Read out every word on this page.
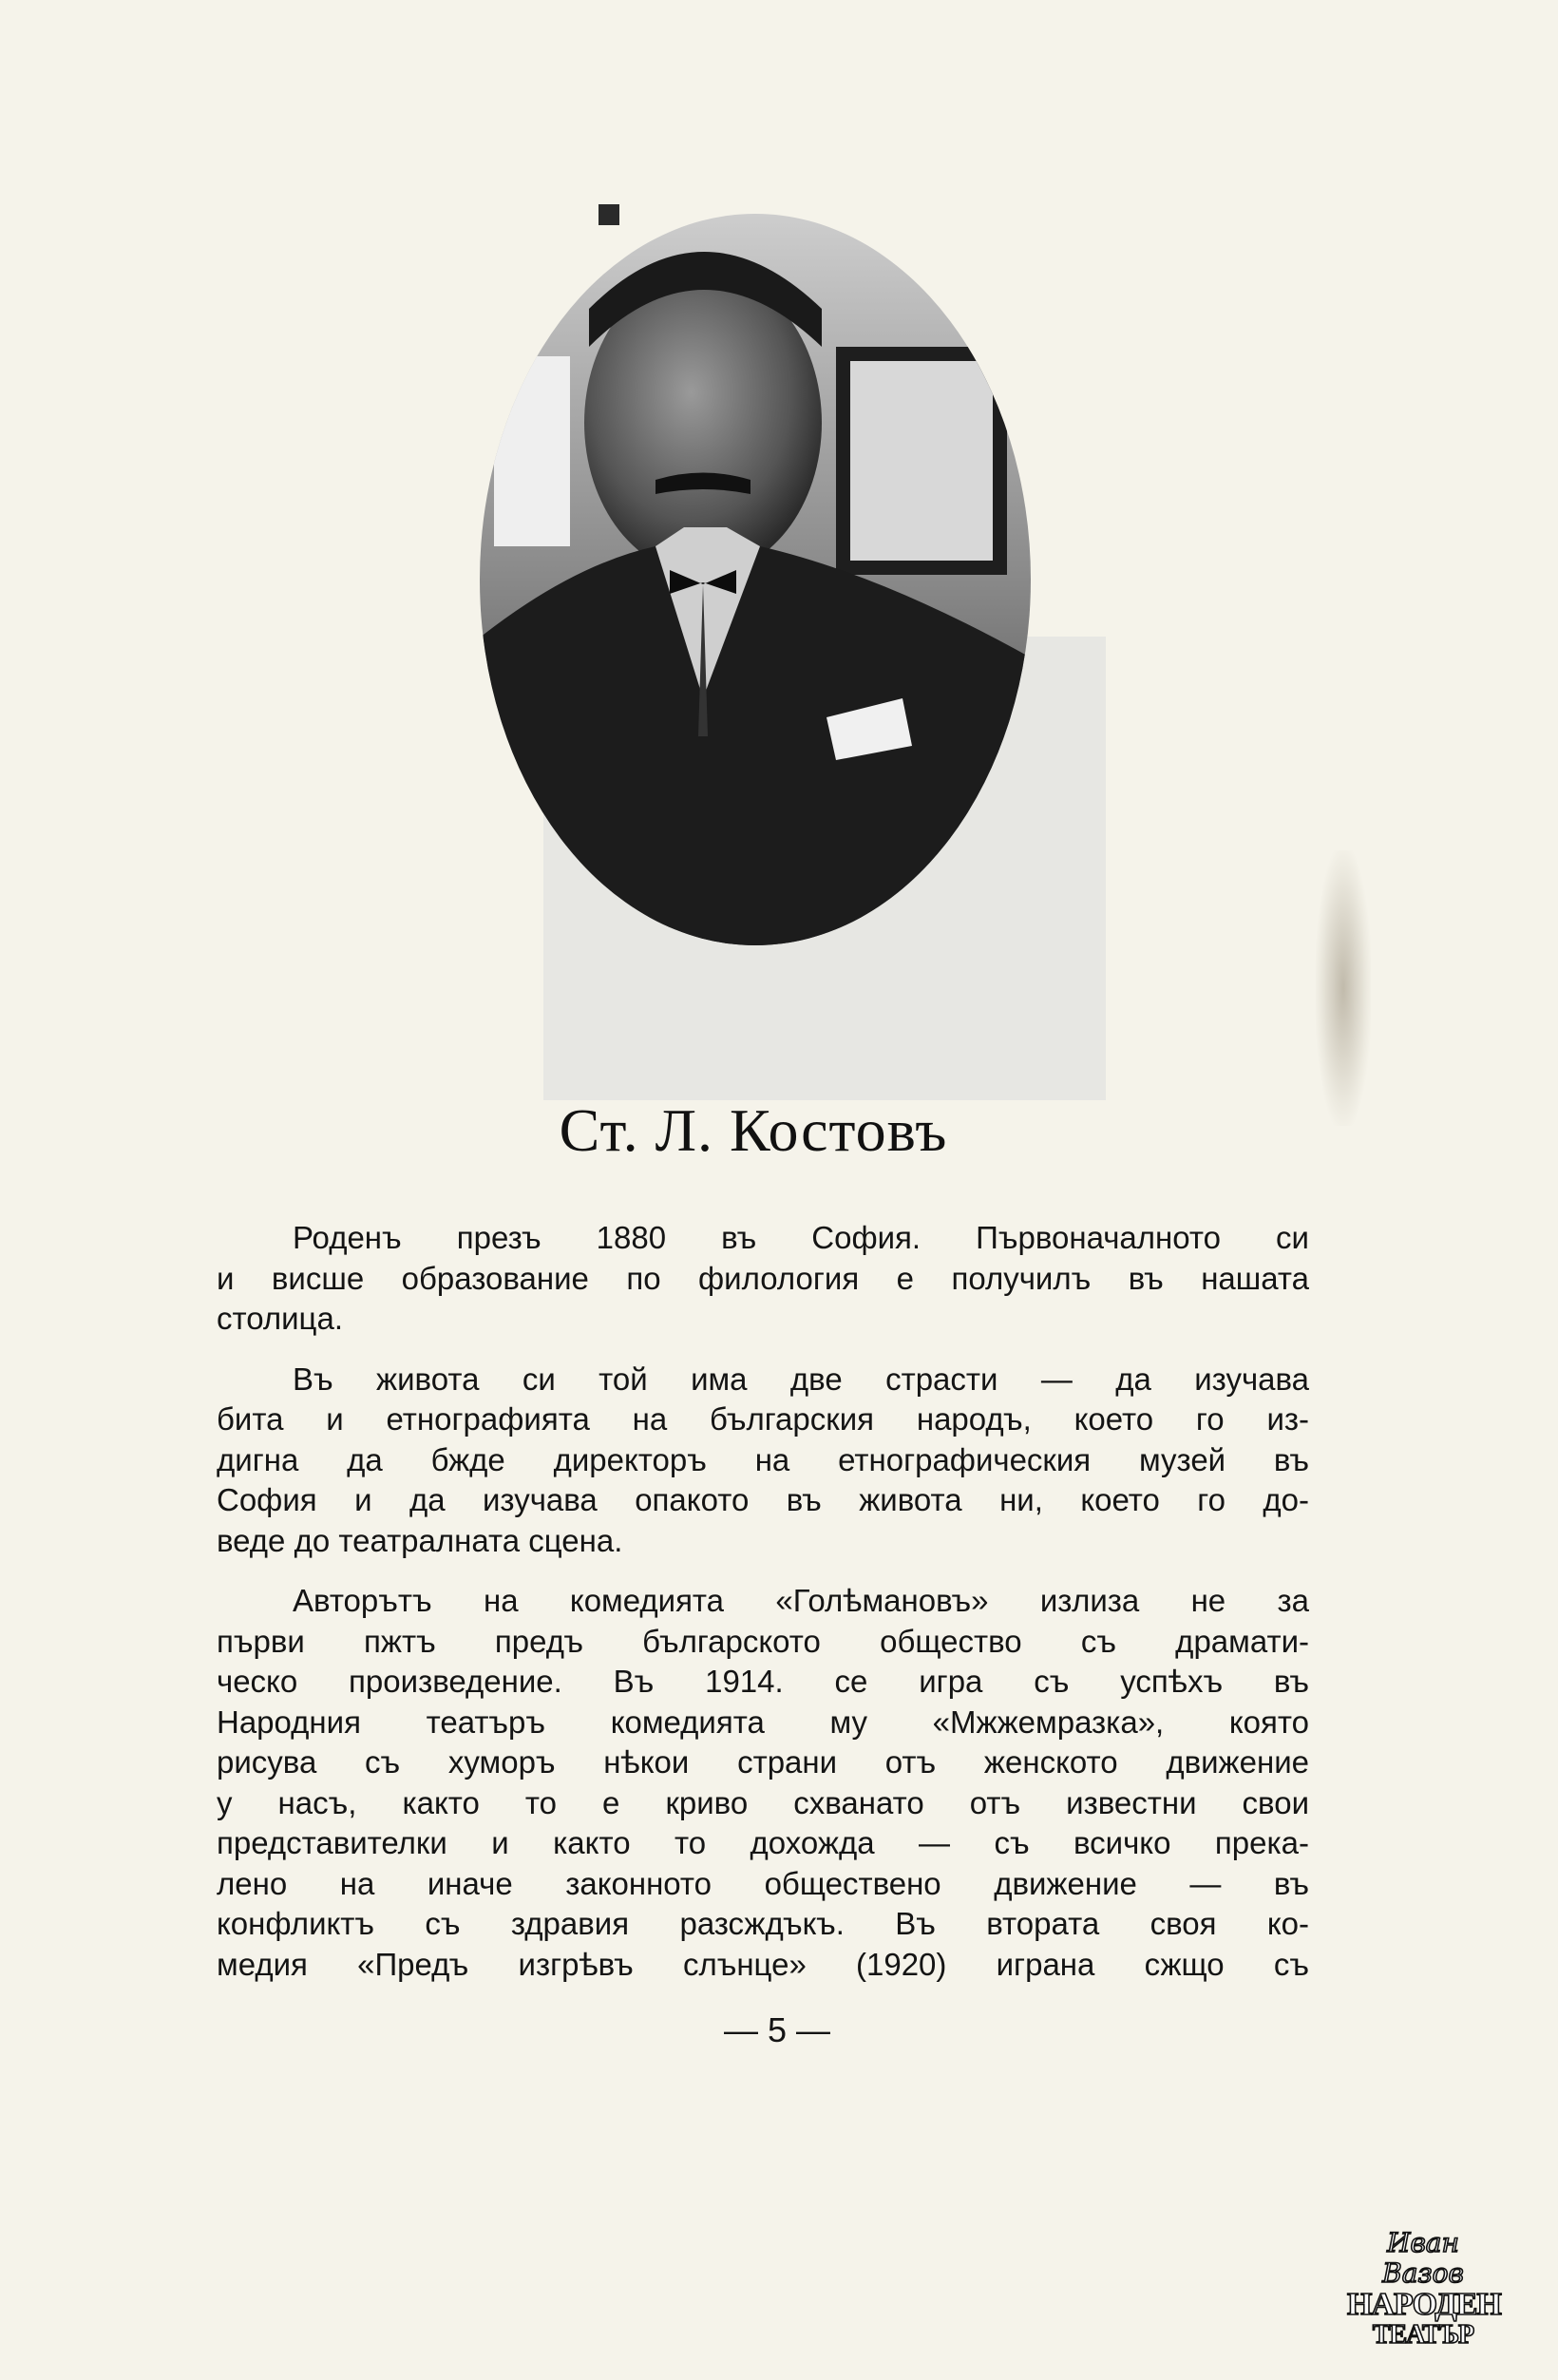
Ст. Л. Костовъ
Роденъ презъ 1880 въ София. Първоначалното си
и висше образование по филология е получилъ въ нашата
столица.
Въ живота си той има две страсти — да изучава
бита и етнографията на българския народъ, което го из-
дигна да бжде директоръ на етнографическия музей въ
София и да изучава опакото въ живота ни, което го до-
веде до театралната сцена.
Авторътъ на комедията «Голѣмановъ» излиза не за
първи пжтъ предъ българското общество съ драмати-
ческо произведение. Въ 1914. се игра съ успѣхъ въ
Народния театъръ комедията му «Мжжемразка», която
рисува съ хуморъ нѣкои страни отъ женското движение
у насъ, както то е криво схванато отъ известни свои
представителки и както то дохожда — съ всичко прека-
лено на иначе законното обществено движение — въ
конфликтъ съ здравия разсждъкъ. Въ втората своя ко-
медия «Предъ изгрѣвъ слънце» (1920) играна сжщо съ
— 5 —
Иван Вазов
НАРОДЕН
ТЕАТЪР
